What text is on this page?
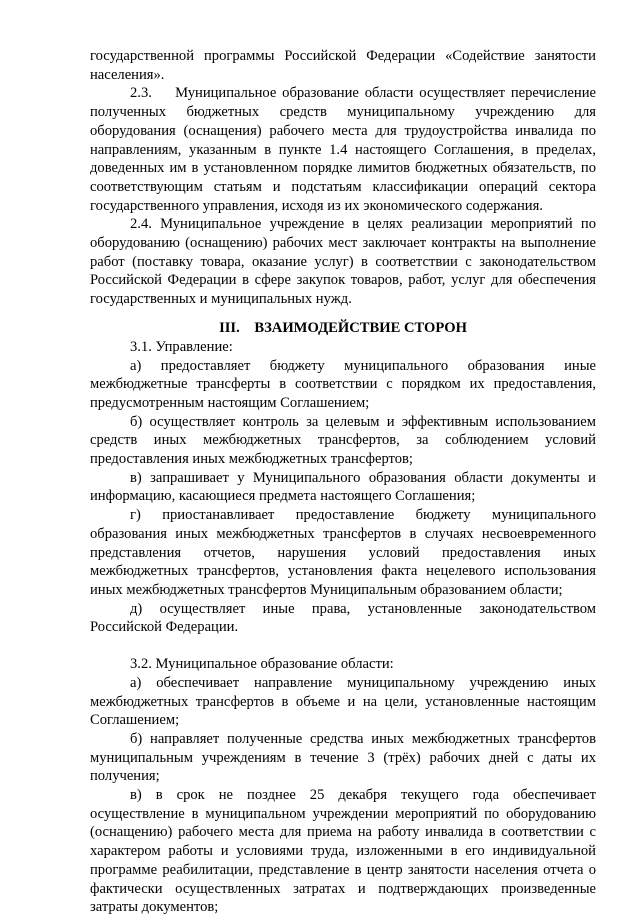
государственной программы Российской Федерации «Содействие занятости населения».

2.3.    Муниципальное образование области осуществляет перечисление полученных бюджетных средств муниципальному учреждению для оборудования (оснащения) рабочего места для трудоустройства инвалида по направлениям, указанным в пункте 1.4 настоящего Соглашения, в пределах, доведенных им в установленном порядке лимитов бюджетных обязательств, по соответствующим статьям и подстатьям классификации операций сектора государственного управления, исходя из их экономического содержания.

2.4. Муниципальное учреждение в целях реализации мероприятий по оборудованию (оснащению) рабочих мест заключает контракты на выполнение работ (поставку товара, оказание услуг) в соответствии с законодательством Российской Федерации в сфере закупок товаров, работ, услуг для обеспечения государственных и муниципальных нужд.

III.    ВЗАИМОДЕЙСТВИЕ СТОРОН

3.1. Управление:

а) предоставляет бюджету муниципального образования иные межбюджетные трансферты в соответствии с порядком их предоставления, предусмотренным настоящим Соглашением;

б) осуществляет контроль за целевым и эффективным использованием средств иных межбюджетных трансфертов, за соблюдением условий предоставления иных межбюджетных трансфертов;

в) запрашивает у Муниципального образования области документы и информацию, касающиеся предмета настоящего Соглашения;

г) приостанавливает предоставление бюджету муниципального образования иных межбюджетных трансфертов в случаях несвоевременного представления отчетов, нарушения условий предоставления иных межбюджетных трансфертов, установления факта нецелевого использования иных межбюджетных трансфертов Муниципальным образованием области;

д) осуществляет иные права, установленные законодательством Российской Федерации.

3.2. Муниципальное образование области:

а) обеспечивает направление муниципальному учреждению иных межбюджетных трансфертов в объеме и на цели, установленные настоящим Соглашением;

б) направляет полученные средства иных межбюджетных трансфертов муниципальным учреждениям в течение 3 (трёх) рабочих дней с даты их получения;

в) в срок не позднее 25 декабря текущего года обеспечивает осуществление в муниципальном учреждении мероприятий по оборудованию (оснащению) рабочего места для приема на работу инвалида в соответствии с характером работы и условиями труда, изложенными в его индивидуальной программе реабилитации, представление в центр занятости населения отчета о фактически осуществленных затратах и подтверждающих произведенные затраты документов;
